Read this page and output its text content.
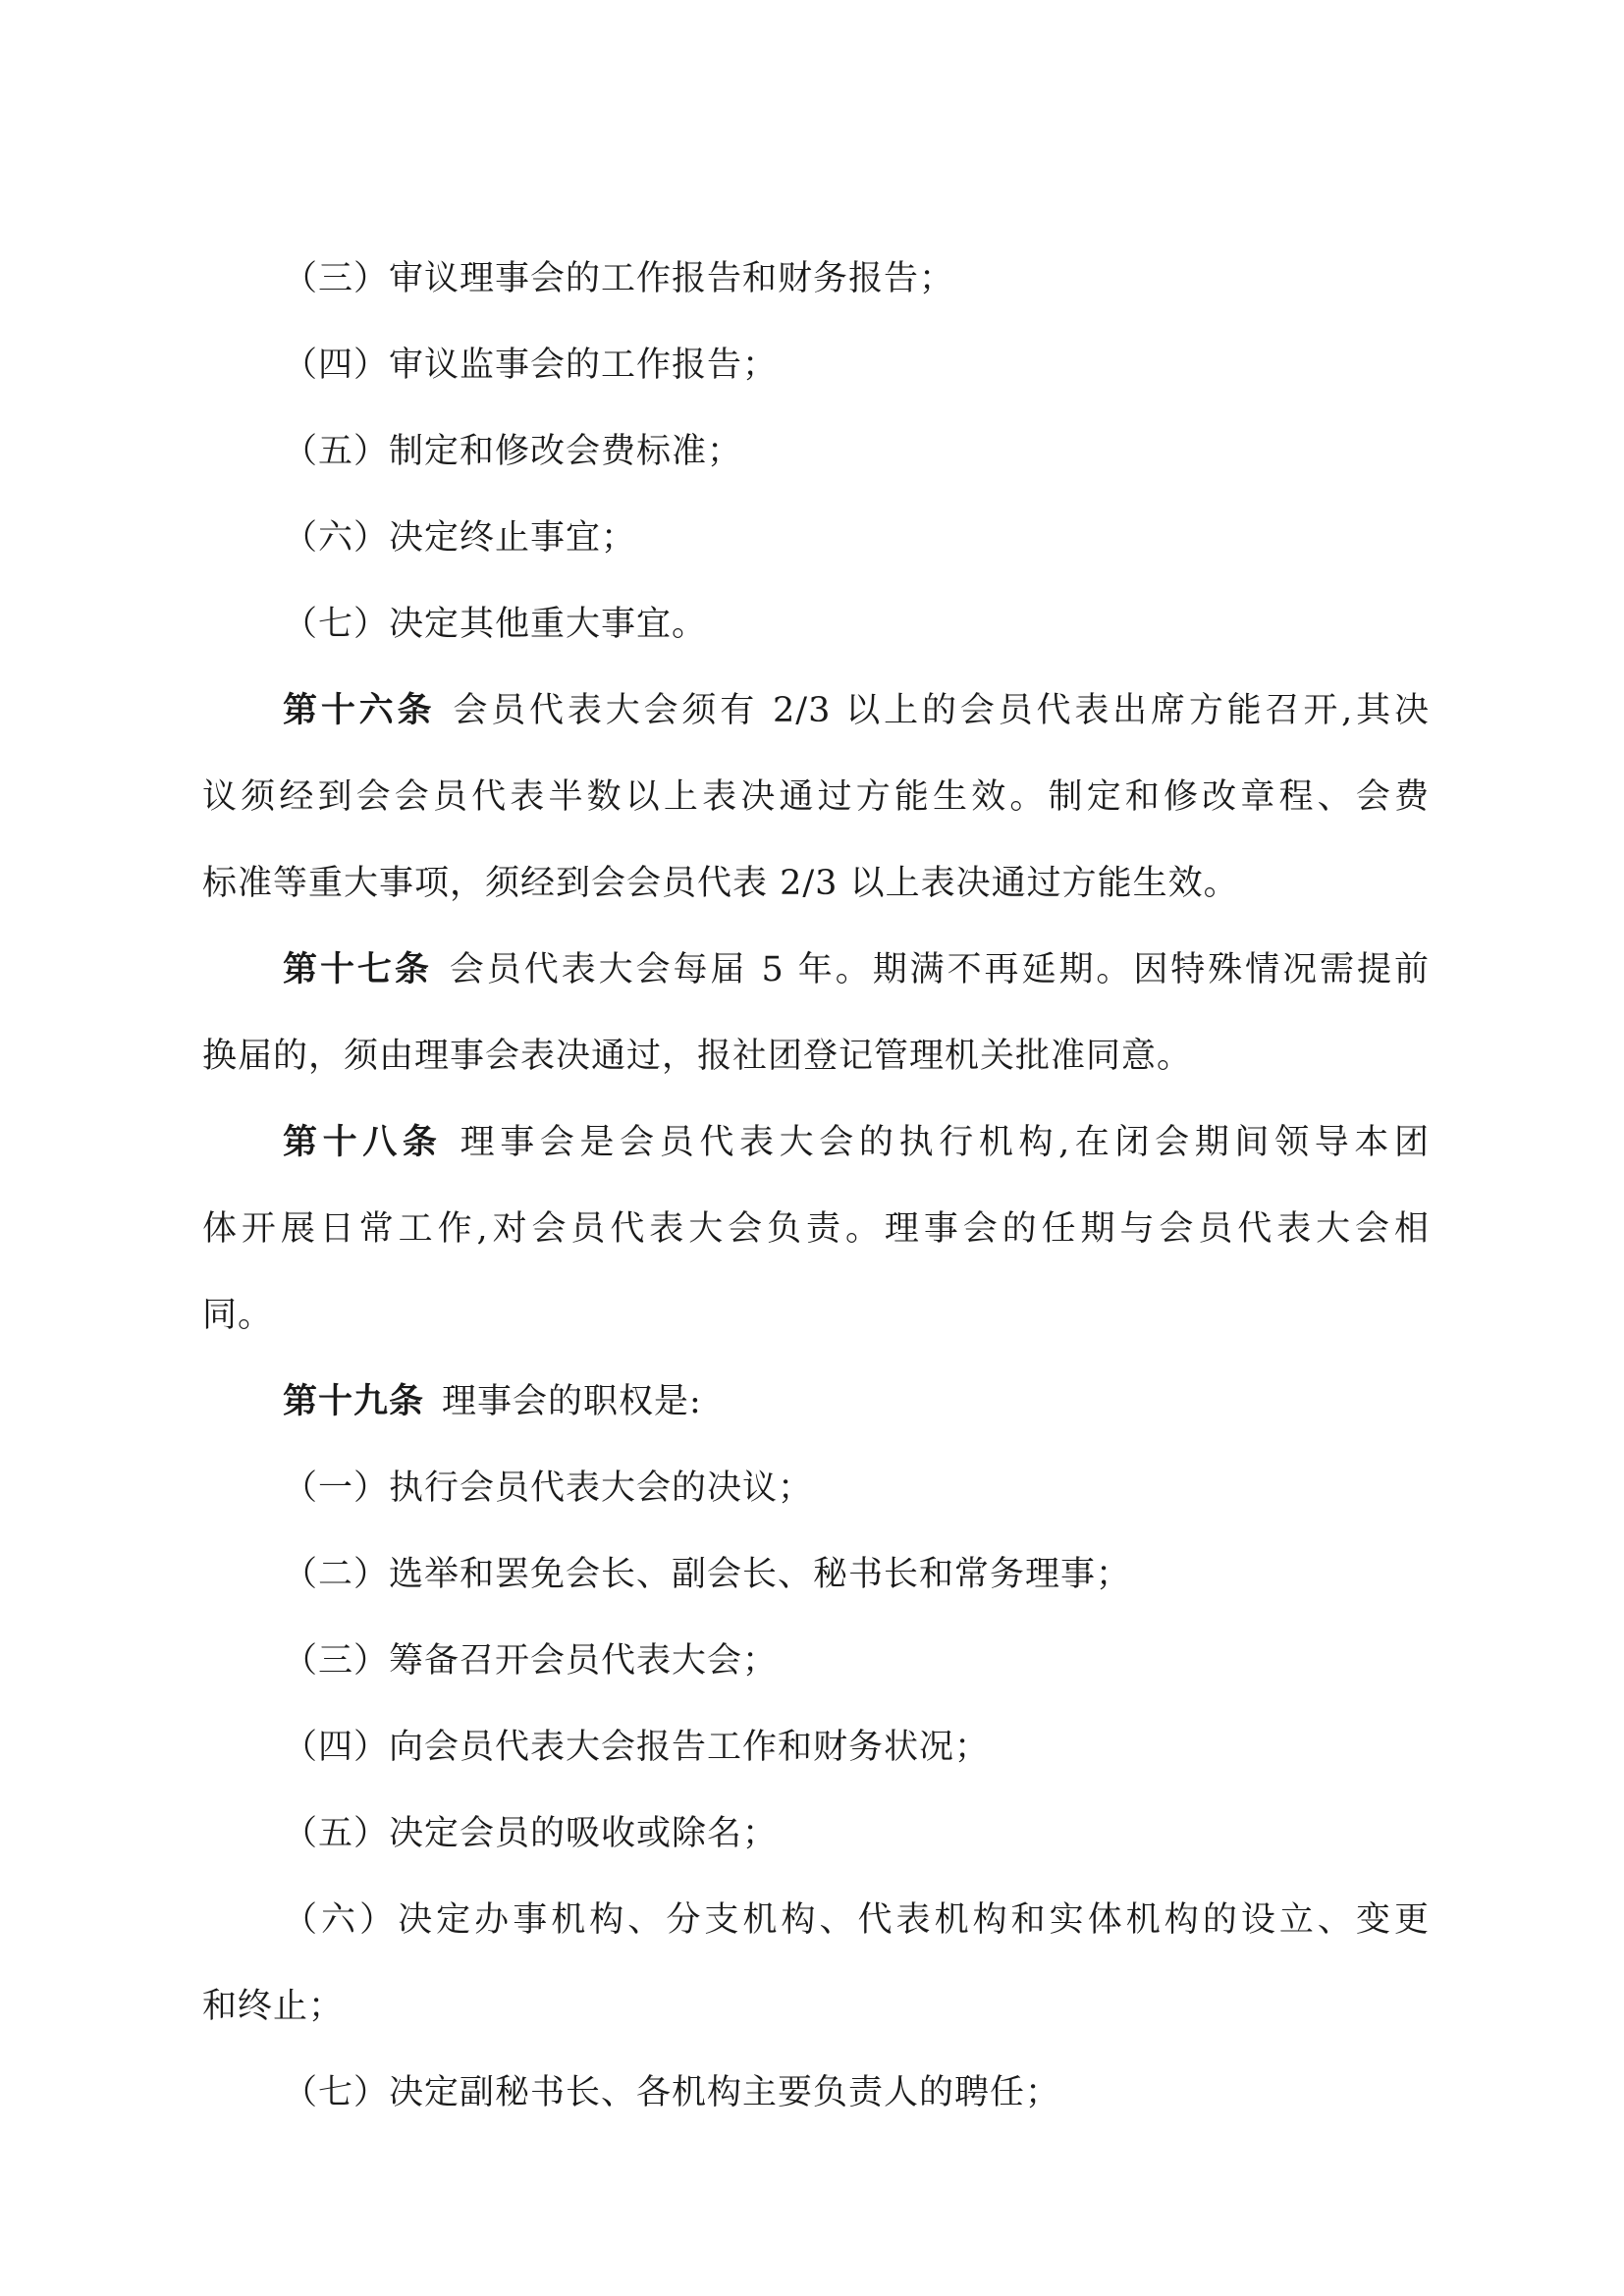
（三）审议理事会的工作报告和财务报告；
（四）审议监事会的工作报告；
（五）制定和修改会费标准；
（六）决定终止事宜；
（七）决定其他重大事宜。
第十六条 会员代表大会须有 2/3 以上的会员代表出席方能召开,其决
议须经到会会员代表半数以上表决通过方能生效。制定和修改章程、会费
标准等重大事项，须经到会会员代表 2/3 以上表决通过方能生效。
第十七条 会员代表大会每届 5 年。期满不再延期。因特殊情况需提前
换届的，须由理事会表决通过，报社团登记管理机关批准同意。
第十八条 理事会是会员代表大会的执行机构,在闭会期间领导本团
体开展日常工作,对会员代表大会负责。理事会的任期与会员代表大会相
同。
第十九条 理事会的职权是:
（一）执行会员代表大会的决议；
（二）选举和罢免会长、副会长、秘书长和常务理事；
（三）筹备召开会员代表大会；
（四）向会员代表大会报告工作和财务状况；
（五）决定会员的吸收或除名；
（六）决定办事机构、分支机构、代表机构和实体机构的设立、变更
和终止；
（七）决定副秘书长、各机构主要负责人的聘任；
